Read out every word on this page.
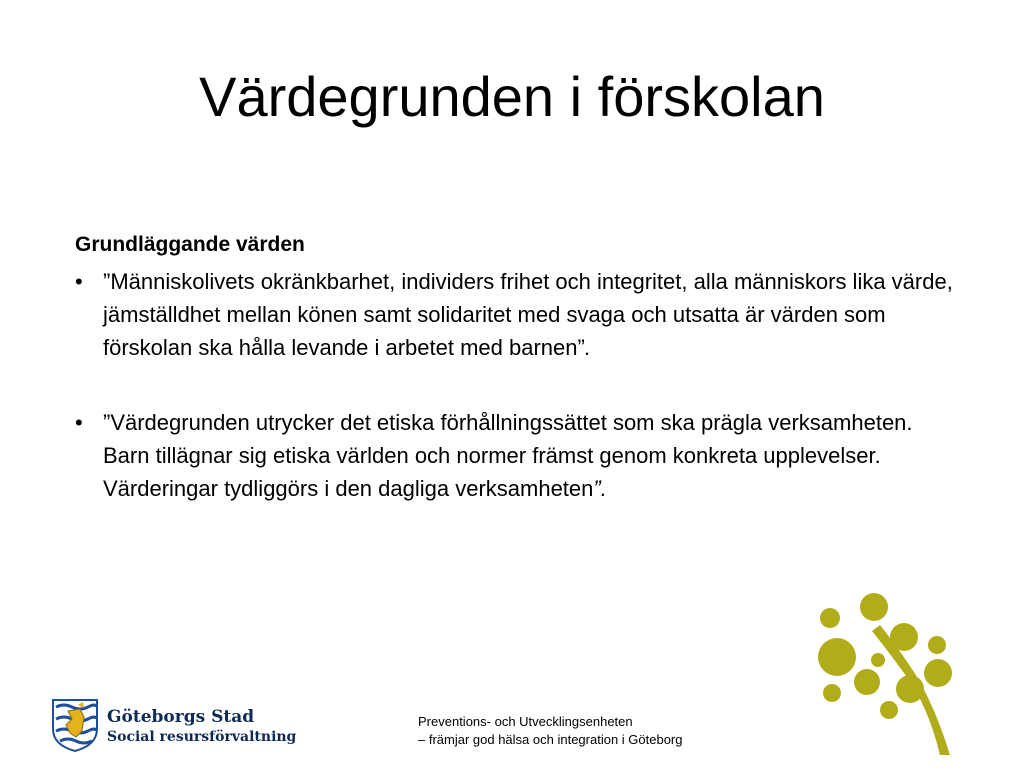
Värdegrunden i förskolan

Grundläggande värden

• ”Människolivets okränkbarhet, individers frihet och integritet, alla människors lika värde, jämställdhet mellan könen samt solidaritet med svaga och utsatta är värden som förskolan ska hålla levande i arbetet med barnen”.
• ”Värdegrunden utrycker det etiska förhållningssättet som ska prägla verksamheten. Barn tillägnar sig etiska världen och normer främst genom konkreta upplevelser. Värderingar tydliggörs i den dagliga verksamheten”.
Göteborgs Stad
Social resursförvaltning
Preventions- och Utvecklingsenheten
– främjar god hälsa och integration i Göteborg
